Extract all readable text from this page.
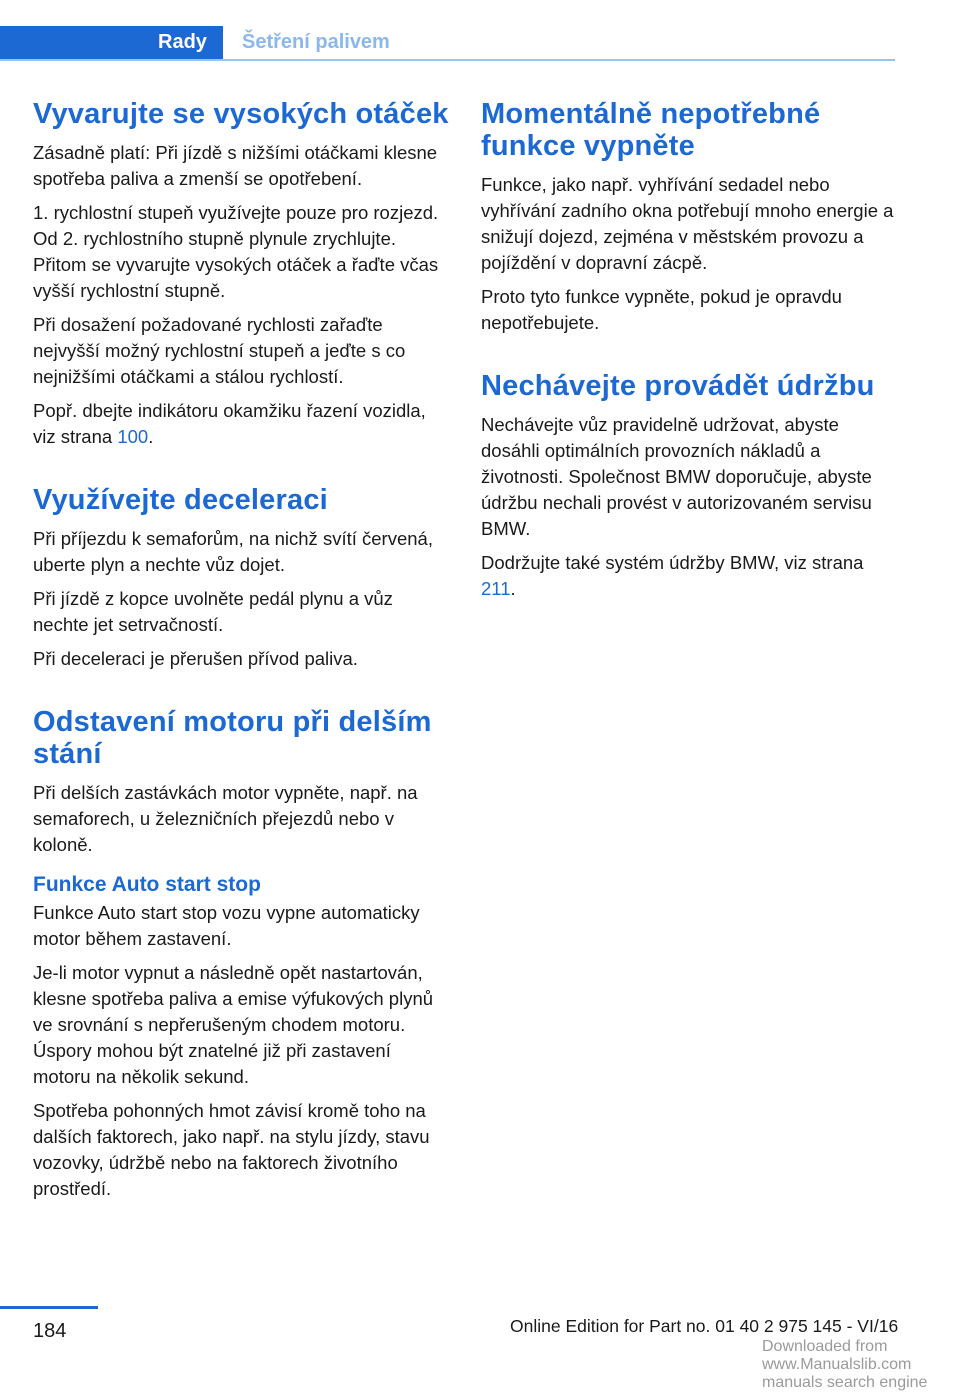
Rady Šetření palivem
Vyvarujte se vysokých otáček

Zásadně platí: Při jízdě s nižšími otáčkami klesne spotřeba paliva a zmenší se opotřebení.

1. rychlostní stupeň využívejte pouze pro rozjezd. Od 2. rychlostního stupně plynule zrychlujte. Přitom se vyvarujte vysokých otáček a řaďte včas vyšší rychlostní stupně.

Při dosažení požadované rychlosti zařaďte nejvyšší možný rychlostní stupeň a jeďte s co nejnižšími otáčkami a stálou rychlostí.

Popř. dbejte indikátoru okamžiku řazení vozidla, viz strana 100.

Využívejte deceleraci

Při příjezdu k semaforům, na nichž svítí červená, uberte plyn a nechte vůz dojet.

Při jízdě z kopce uvolněte pedál plynu a vůz nechte jet setrvačností.

Při deceleraci je přerušen přívod paliva.

Odstavení motoru při delším stání

Při delších zastávkách motor vypněte, např. na semaforech, u železničních přejezdů nebo v koloně.

Funkce Auto start stop

Funkce Auto start stop vozu vypne automaticky motor během zastavení.

Je-li motor vypnut a následně opět nastartován, klesne spotřeba paliva a emise výfukových plynů ve srovnání s nepřerušeným chodem motoru. Úspory mohou být znatelné již při zastavení motoru na několik sekund.

Spotřeba pohonných hmot závisí kromě toho na dalších faktorech, jako např. na stylu jízdy, stavu vozovky, údržbě nebo na faktorech životního prostředí.

Momentálně nepotřebné funkce vypněte

Funkce, jako např. vyhřívání sedadel nebo vyhřívání zadního okna potřebují mnoho energie a snižují dojezd, zejména v městském provozu a pojíždění v dopravní zácpě.

Proto tyto funkce vypněte, pokud je opravdu nepotřebujete.

Nechávejte provádět údržbu

Nechávejte vůz pravidelně udržovat, abyste dosáhli optimálních provozních nákladů a životnosti. Společnost BMW doporučuje, abyste údržbu nechali provést v autorizovaném servisu BMW.

Dodržujte také systém údržby BMW, viz strana 211.

184	Online Edition for Part no. 01 40 2 975 145 - VI/16
Downloaded from www.Manualslib.com manuals search engine
